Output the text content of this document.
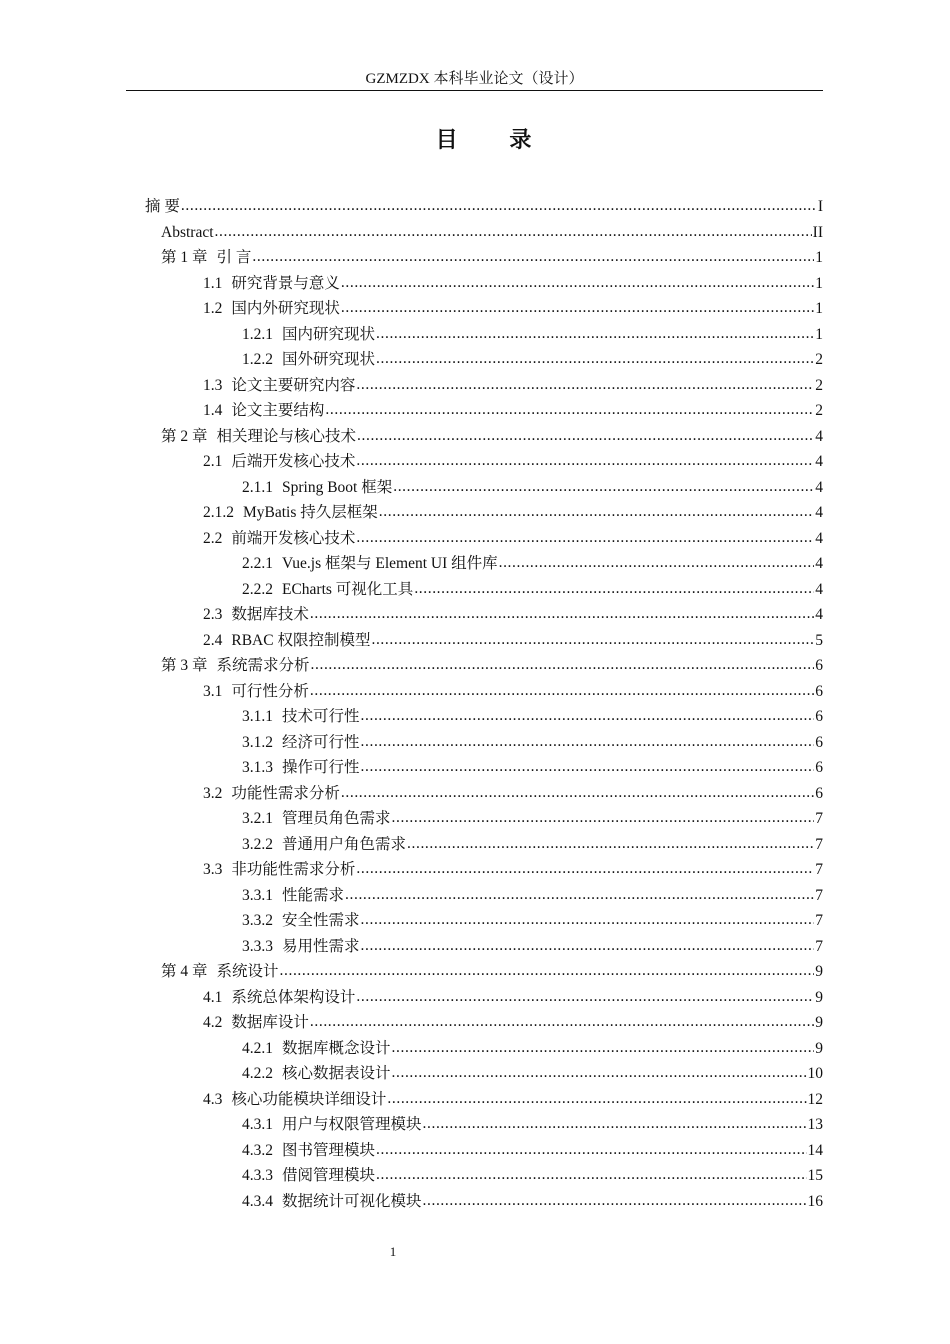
GZMZDX 本科毕业论文（设计）
目 录
摘 要 .....	I
Abstract .....	II
第 1 章 引 言 .....	1
1.1 研究背景与意义 .....	1
1.2 国内外研究现状 .....	1
1.2.1 国内研究现状 .....	1
1.2.2 国外研究现状 .....	2
1.3 论文主要研究内容 .....	2
1.4 论文主要结构 .....	2
第 2 章 相关理论与核心技术 .....	4
2.1 后端开发核心技术 .....	4
2.1.1 Spring Boot 框架 .....	4
2.1.2 MyBatis 持久层框架 .....	4
2.2 前端开发核心技术 .....	4
2.2.1 Vue.js 框架与 Element UI 组件库 .....	4
2.2.2 ECharts 可视化工具 .....	4
2.3 数据库技术 .....	4
2.4 RBAC 权限控制模型 .....	5
第 3 章 系统需求分析 .....	6
3.1 可行性分析 .....	6
3.1.1 技术可行性 .....	6
3.1.2 经济可行性 .....	6
3.1.3 操作可行性 .....	6
3.2 功能性需求分析 .....	6
3.2.1 管理员角色需求 .....	7
3.2.2 普通用户角色需求 .....	7
3.3 非功能性需求分析 .....	7
3.3.1 性能需求 .....	7
3.3.2 安全性需求 .....	7
3.3.3 易用性需求 .....	7
第 4 章 系统设计 .....	9
4.1 系统总体架构设计 .....	9
4.2 数据库设计 .....	9
4.2.1 数据库概念设计 .....	9
4.2.2 核心数据表设计 .....	10
4.3 核心功能模块详细设计 .....	12
4.3.1 用户与权限管理模块 .....	13
4.3.2 图书管理模块 .....	14
4.3.3 借阅管理模块 .....	15
4.3.4 数据统计可视化模块 .....	16
1
